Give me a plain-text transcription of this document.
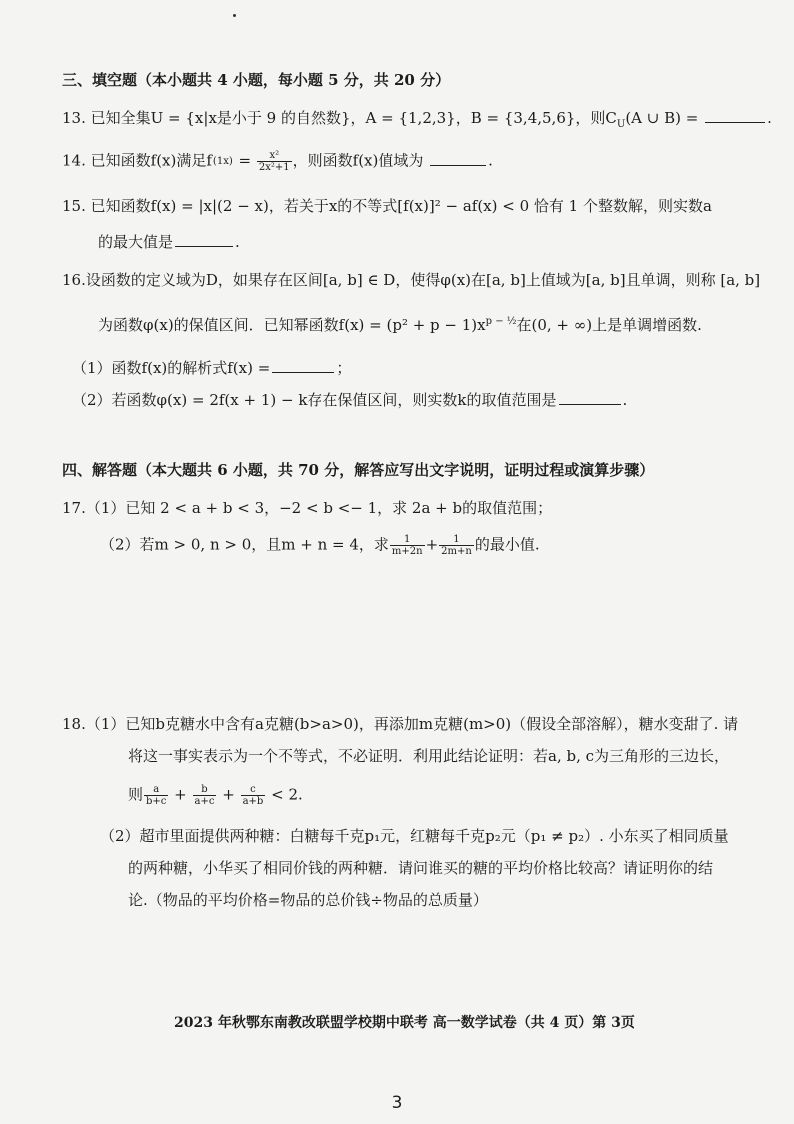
三、填空题（本小题共 4 小题，每小题 5 分，共 20 分）
13. 已知全集U = {x|x是小于 9 的自然数}，A = {1,2,3}，B = {3,4,5,6}，则$C_U(A$ ∪ B) =	.
14. 已知函数f(x)满足$f(1x) = \frac{\text{x²}}{\text{2x²+1}}$ ，则函数f(x)值域为	.
15. 已知函数f(x) = |x|(2 − x)，若关于x的不等式[f(x)]² − af(x) < 0 恰有 1 个整数解，则实数a
的最大值是	.
16.设函数的定义域为D，如果存在区间[a, b] ∈ D，使得φ(x)在[a, b]上值域为[a, b]且单调，则称 [a, b]
为函数φ(x)的保值区间．已知幂函数$f(x) = (p^2 + p - 1)x^{p - \frac{1}{2}}$在(0, + ∞)上是单调增函数.
（1）函数f(x)的解析式f(x) =	；
（2）若函数φ(x) = 2f(x + 1) − k存在保值区间，则实数k的取值范围是	.
四、解答题（本大题共 6 小题，共 70 分，解答应写出文字说明，证明过程或演算步骤）
17.（1）已知 2 < a + b < 3，−2 < b <− 1，求 2a + b的取值范围；
（2）若m > 0, n > 0，且m + n = 4，求 $\frac{1}{m+2n} + \frac{1}{2m+n}$ 的最小值.
18.（1）已知b克糖水中含有a克糖(b>a>0)，再添加m克糖(m>0)（假设全部溶解），糖水变甜了. 请
将这一事实表示为一个不等式，不必证明．利用此结论证明：若a, b, c为三角形的三边长，
则 $\frac{a}{b+c} + \frac{b}{a+c} + \frac{c}{a+b} < 2$.
（2）超市里面提供两种糖：白糖每千克p₁元，红糖每千克p₂元（p₁ ≠ p₂）. 小东买了相同质量
的两种糖，小华买了相同价钱的两种糖．请问谁买的糖的平均价格比较高？请证明你的结
论.（物品的平均价格=物品的总价钱÷物品的总质量）
2023 年秋鄂东南教改联盟学校期中联考 高一数学试卷（共 4 页）第 3页
3
